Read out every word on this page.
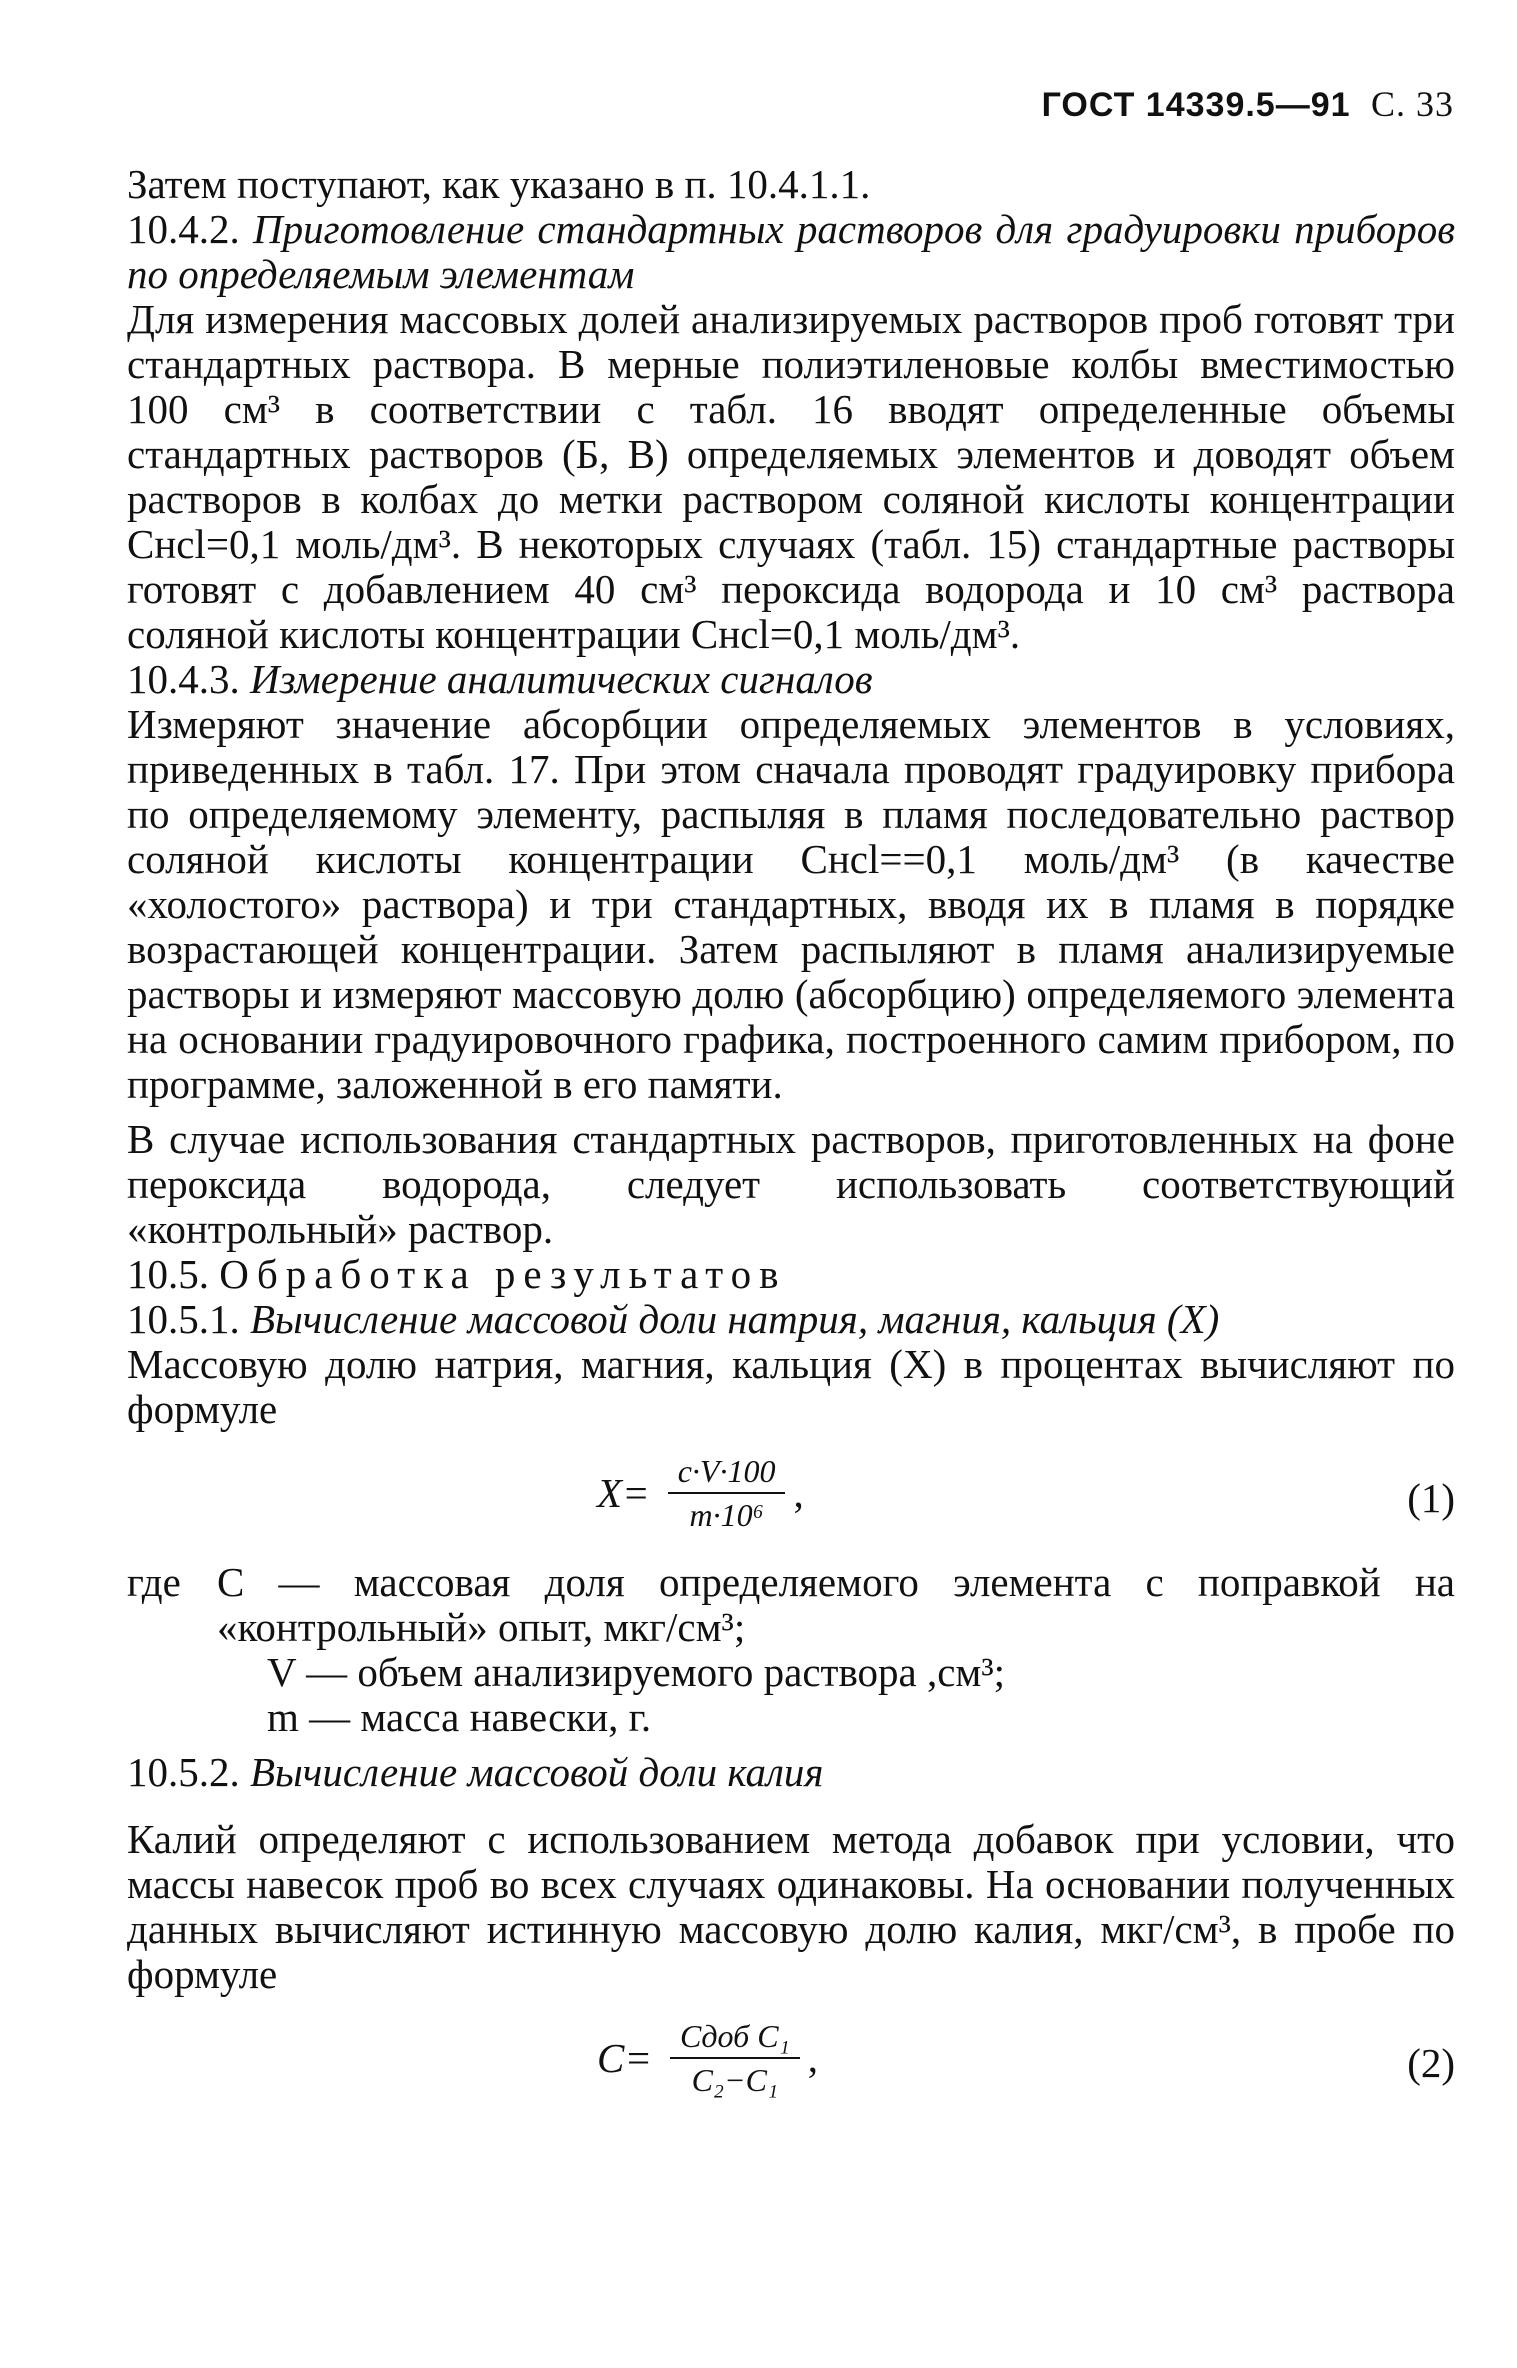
ГОСТ 14339.5—91 С. 33

Затем поступают, как указано в п. 10.4.1.1.

10.4.2. Приготовление стандартных растворов для градуировки приборов по определяемым элементам

Для измерения массовых долей анализируемых растворов проб готовят три стандартных раствора. В мерные полиэтиленовые колбы вместимостью 100 см³ в соответствии с табл. 16 вводят определенные объемы стандартных растворов (Б, В) определяемых элементов и доводят объем растворов в колбах до метки раствором соляной кислоты концентрации Cнсl=0,1 моль/дм³. В некоторых случаях (табл. 15) стандартные растворы готовят с добавлением 40 см³ пероксида водорода и 10 см³ раствора соляной кислоты концентрации Cнсl=0,1 моль/дм³.

10.4.3. Измерение аналитических сигналов

Измеряют значение абсорбции определяемых элементов в условиях, приведенных в табл. 17. При этом сначала проводят градуировку прибора по определяемому элементу, распыляя в пламя последовательно раствор соляной кислоты концентрации Cнсl==0,1 моль/дм³ (в качестве «холостого» раствора) и три стандартных, вводя их в пламя в порядке возрастающей концентрации. Затем распыляют в пламя анализируемые растворы и измеряют массовую долю (абсорбцию) определяемого элемента на основании градуировочного графика, построенного самим прибором, по программе, заложенной в его памяти.

В случае использования стандартных растворов, приготовленных на фоне пероксида водорода, следует использовать соответствующий «контрольный» раствор.

10.5. Обработка результатов

10.5.1. Вычисление массовой доли натрия, магния, кальция (X)

Массовую долю натрия, магния, кальция (X) в процентах вычисляют по формуле

$X= \frac{c\cdot V\cdot 100}{\text{m·10⁶}}$ ,	(1)
где C — массовая доля определяемого элемента с поправкой на «контрольный» опыт, мкг/см³;

V — объем анализируемого раствора ,см³;

m — масса навески, г.

10.5.2. Вычисление массовой доли калия

Калий определяют с использованием метода добавок при условии, что массы навесок проб во всех случаях одинаковы. На основании полученных данных вычисляют истинную массовую долю калия, мкг/см³, в пробе по формуле

$C= \frac{\text{Cдоб C₁}}{\text{C₂−C₁}}$ ,	(2)
